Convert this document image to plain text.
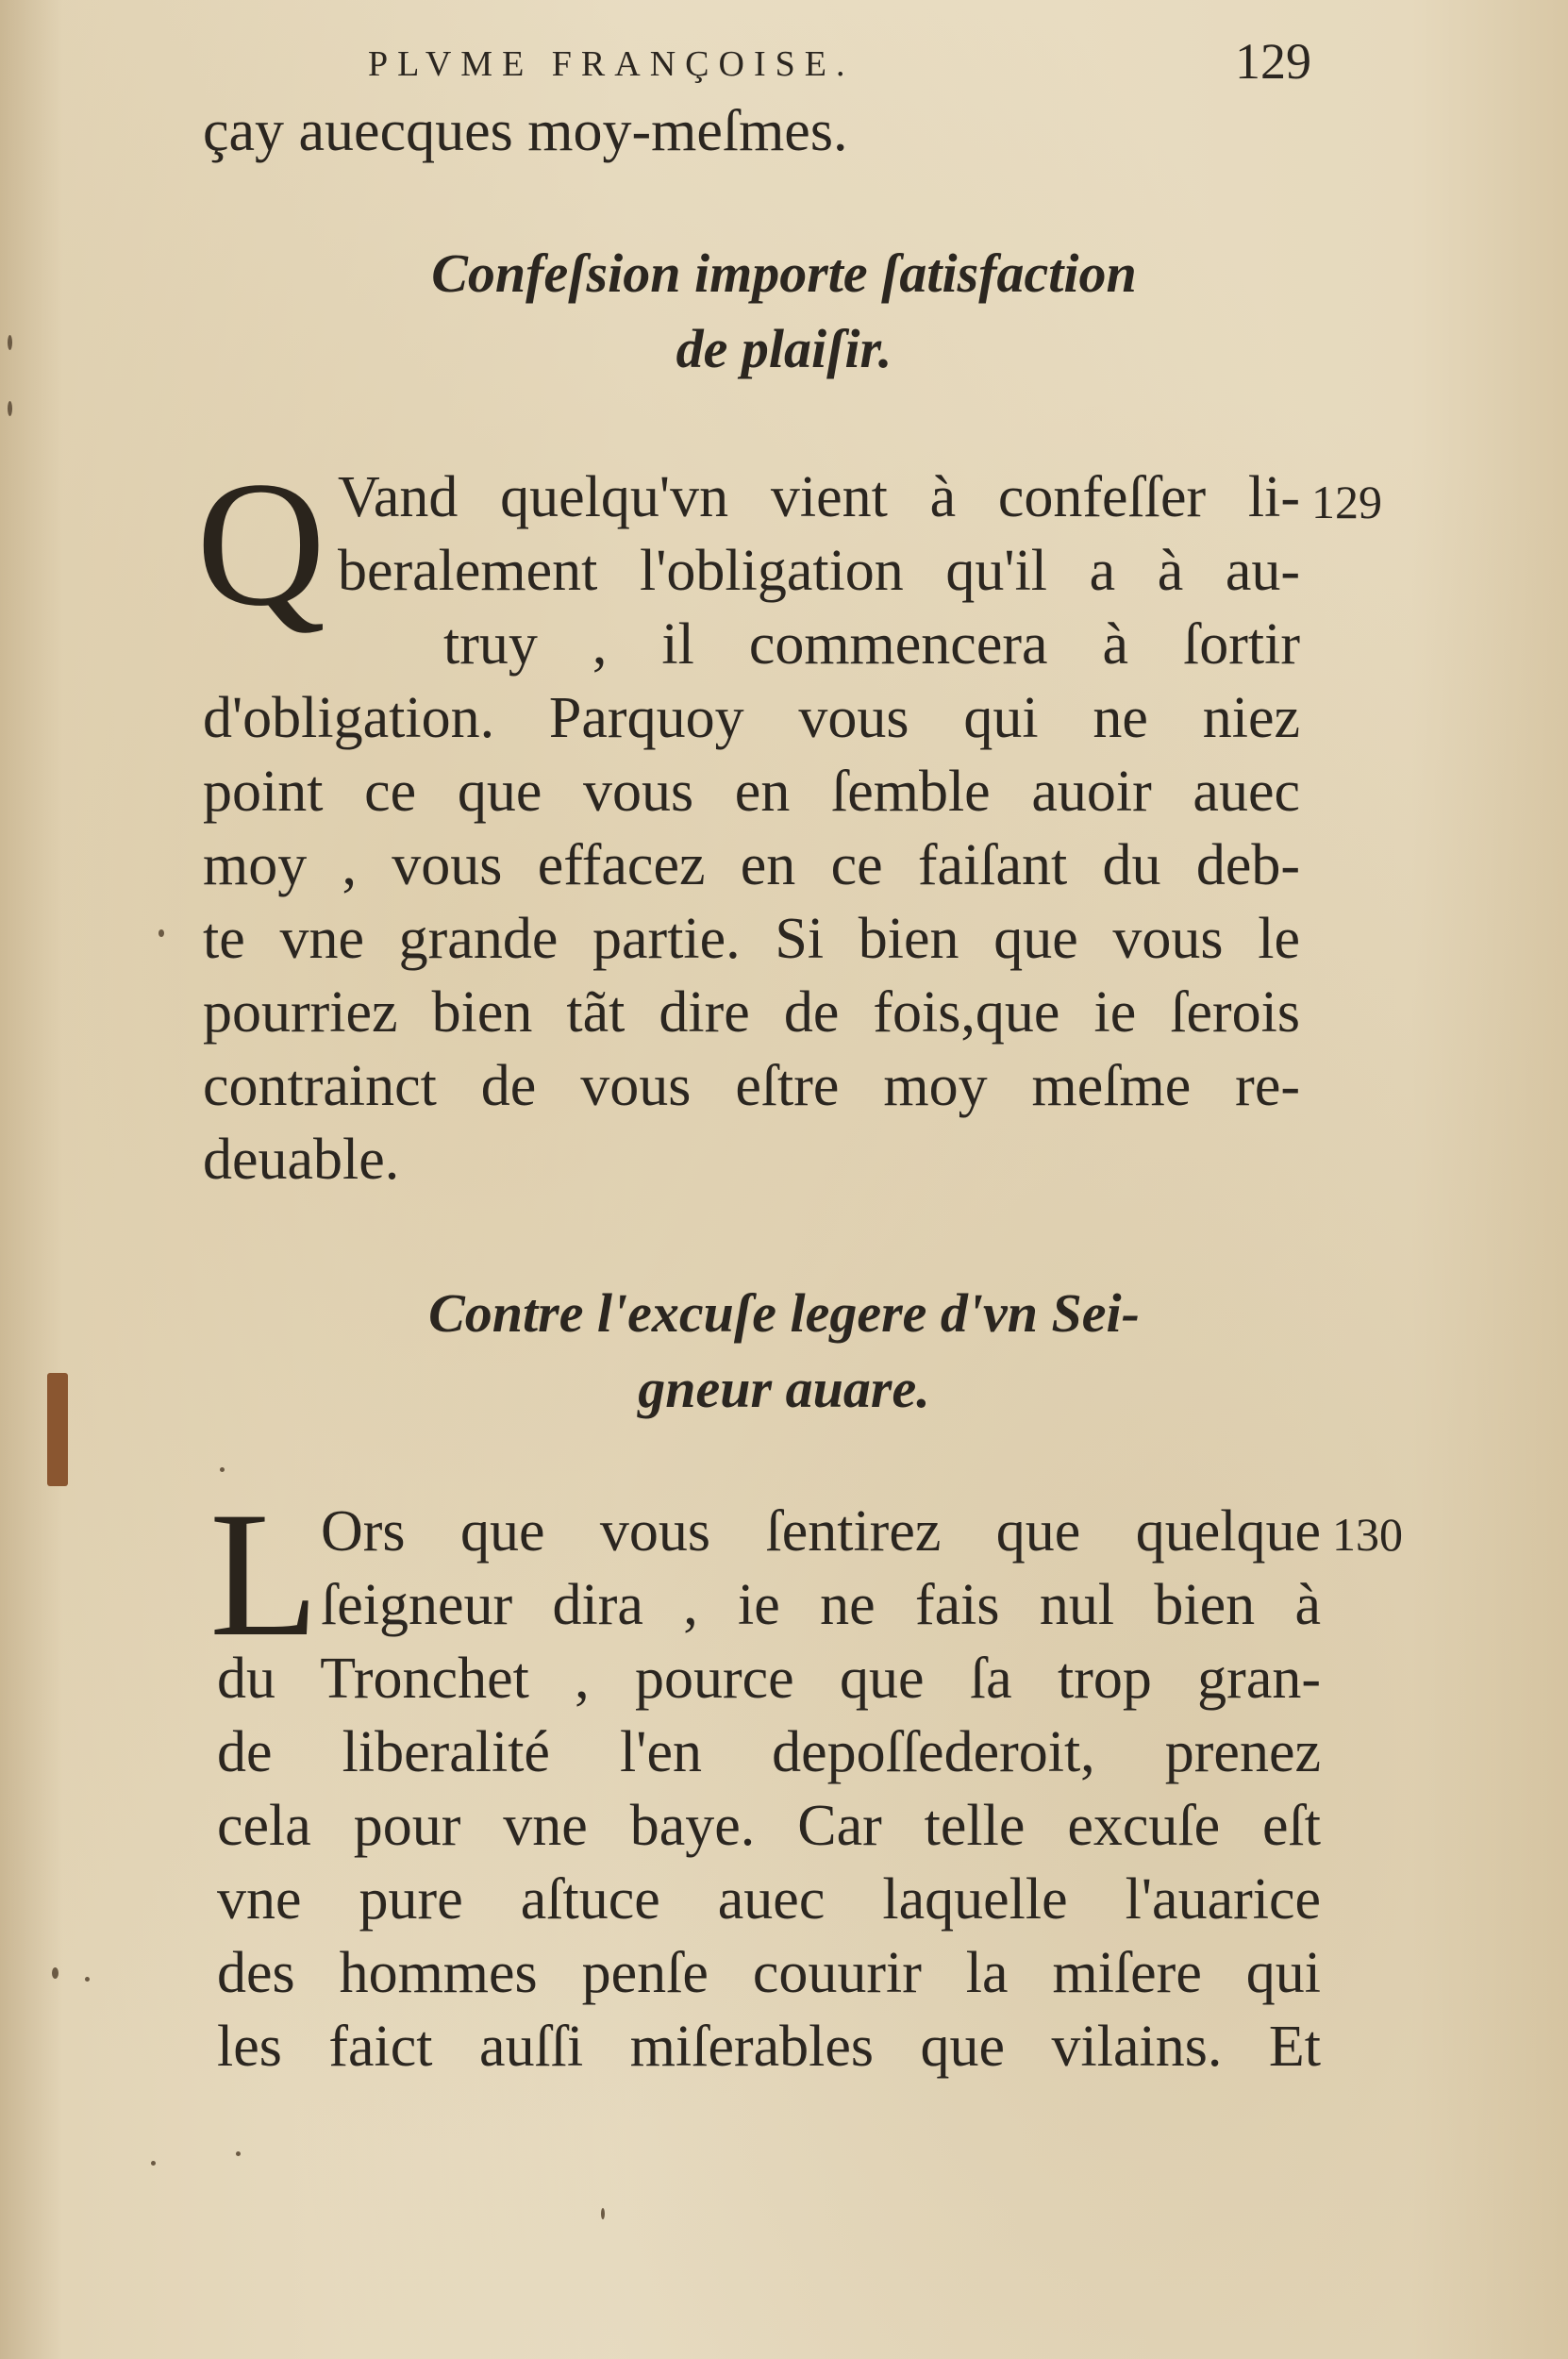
PLVME FRANÇOISE.	129
çay auecques moy-meſmes.
Confeſsion importe ſatisfaction
de plaiſir.
Q Vand quelqu'vn vient à confeſſer li-
beralement l'obligation qu'il a à au-
truy , il commencera à ſortir
d'obligation. Parquoy vous qui ne niez
point ce que vous en ſemble auoir auec
moy , vous effacez en ce faiſant du deb-
te vne grande partie. Si bien que vous le
pourriez bien tãt dire de fois,que ie ſerois
contrainct de vous eſtre moy meſme re-
deuable.
129
Contre l'excuſe legere d'vn Sei-
gneur auare.
L Ors que vous ſentirez que quelque
ſeigneur dira , ie ne fais nul bien à
du Tronchet , pource que ſa trop gran-
de liberalité l'en depoſſederoit, prenez
cela pour vne baye. Car telle excuſe eſt
vne pure aſtuce auec laquelle l'auarice
des hommes penſe couurir la miſere qui
les faict auſſi miſerables que vilains. Et
130
